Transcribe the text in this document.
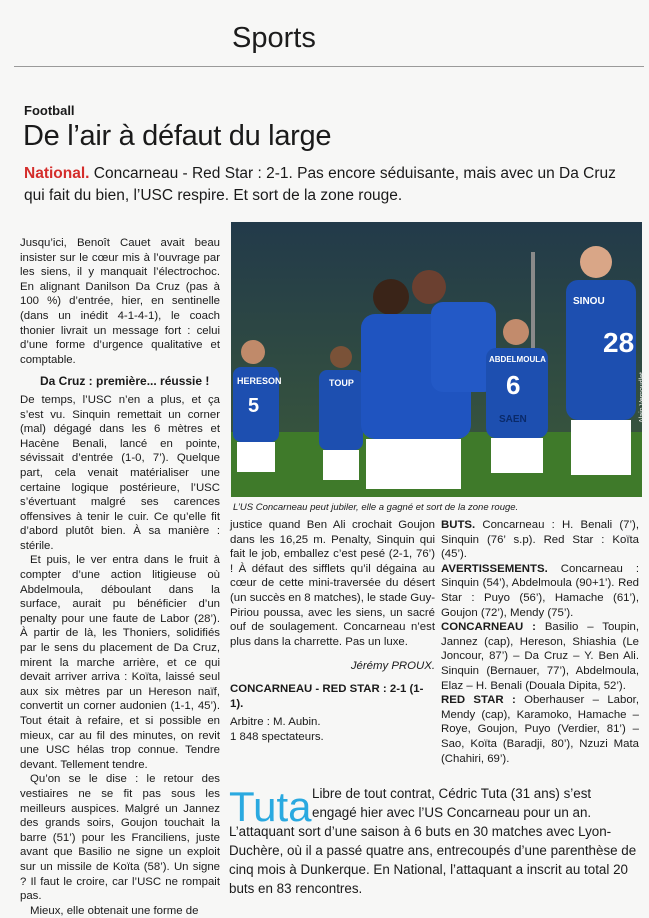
Sports
Football
De l’air à défaut du large
National. Concarneau - Red Star : 2-1. Pas encore séduisante, mais avec un Da Cruz qui fait du bien, l’USC respire. Et sort de la zone rouge.
HERESON
5
TOUP
ABDELMOULA
6
SAEN
SINOU
28
Alain Vernoudlet
L’US Concarneau peut jubiler, elle a gagné et sort de la zone rouge.

Jusqu’ici, Benoît Cauet avait beau insister sur le cœur mis à l’ouvrage par les siens, il y manquait l’électrochoc. En alignant Danilson Da Cruz (pas à 100 %) d’entrée, hier, en sentinelle (dans un inédit 4-1-4-1), le coach thonier livrait un message fort : celui d’une forme d’urgence qualitative et comptable.

Da Cruz : première... réussie !

De temps, l’USC n’en a plus, et ça s’est vu. Sinquin remettait un corner (mal) dégagé dans les 6 mètres et Hacène Benali, lancé en pointe, sévissait d’entrée (1-0, 7’). Quelque part, cela venait matérialiser une certaine logique postérieure, l’USC s’évertuant malgré ses carences offensives à tenir le cuir. Ce qu’elle fit d’abord plutôt bien. À sa manière : stérile.

Et puis, le ver entra dans le fruit à compter d’une action litigieuse où Abdelmoula, déboulant dans la surface, aurait pu bénéficier d’un penalty pour une faute de Labor (28’). À partir de là, les Thoniers, solidifiés par le sens du placement de Da Cruz, mirent la marche arrière, et ce qui devait arriver arriva : Koïta, laissé seul aux six mètres par un Hereson naïf, convertit un corner audonien (1-1, 45’). Tout était à refaire, et si possible en mieux, car au fil des minutes, on revit une USC hélas trop connue. Tendre devant. Tellement tendre.

Qu’on se le dise : le retour des vestiaires ne se fit pas sous les meilleurs auspices. Malgré un Jannez des grands soirs, Goujon touchait la barre (51’) pour les Franciliens, juste avant que Basilio ne signe un exploit sur un missile de Koïta (58’). Un signe ? Il faut le croire, car l’USC ne rompait pas.

Mieux, elle obtenait une forme de

justice quand Ben Ali crochait Goujon dans les 16,25 m. Penalty, Sinquin qui fait le job, emballez c’est pesé (2-1, 76’) ! À défaut des sifflets qu’il dégaina au cœur de cette mini-traversée du désert (un succès en 8 matches), le stade Guy-Piriou poussa, avec les siens, un sacré ouf de soulagement. Concarneau n’est plus dans la charrette. Pas un luxe.

Jérémy PROUX.

CONCARNEAU - RED STAR : 2-1 (1-1).

Arbitre : M. Aubin.

1 848 spectateurs.

BUTS. Concarneau : H. Benali (7’), Sinquin (76’ s.p). Red Star : Koïta (45’).

AVERTISSEMENTS. Concarneau : Sinquin (54’), Abdelmoula (90+1’). Red Star : Puyo (56’), Hamache (61’), Goujon (72’), Mendy (75’).

CONCARNEAU : Basilio – Toupin, Jannez (cap), Hereson, Shiashia (Le Joncour, 87’) – Da Cruz – Y. Ben Ali. Sinquin (Bernauer, 77’), Abdelmoula, Elaz – H. Benali (Douala Dipita, 52’).

RED STAR : Oberhauser – Labor, Mendy (cap), Karamoko, Hamache – Roye, Goujon, Puyo (Verdier, 81’) – Sao, Koïta (Baradji, 80’), Nzuzi Mata (Chahiri, 69’).

Tuta Libre de tout contrat, Cédric Tuta (31 ans) s’est engagé hier avec l’US Concarneau pour un an. L’attaquant sort d’une saison à 6 buts en 30 matches avec Lyon-Duchère, où il a passé quatre ans, entrecoupés d’une parenthèse de cinq mois à Dunkerque. En National, l’attaquant a inscrit au total 20 buts en 83 rencontres.
